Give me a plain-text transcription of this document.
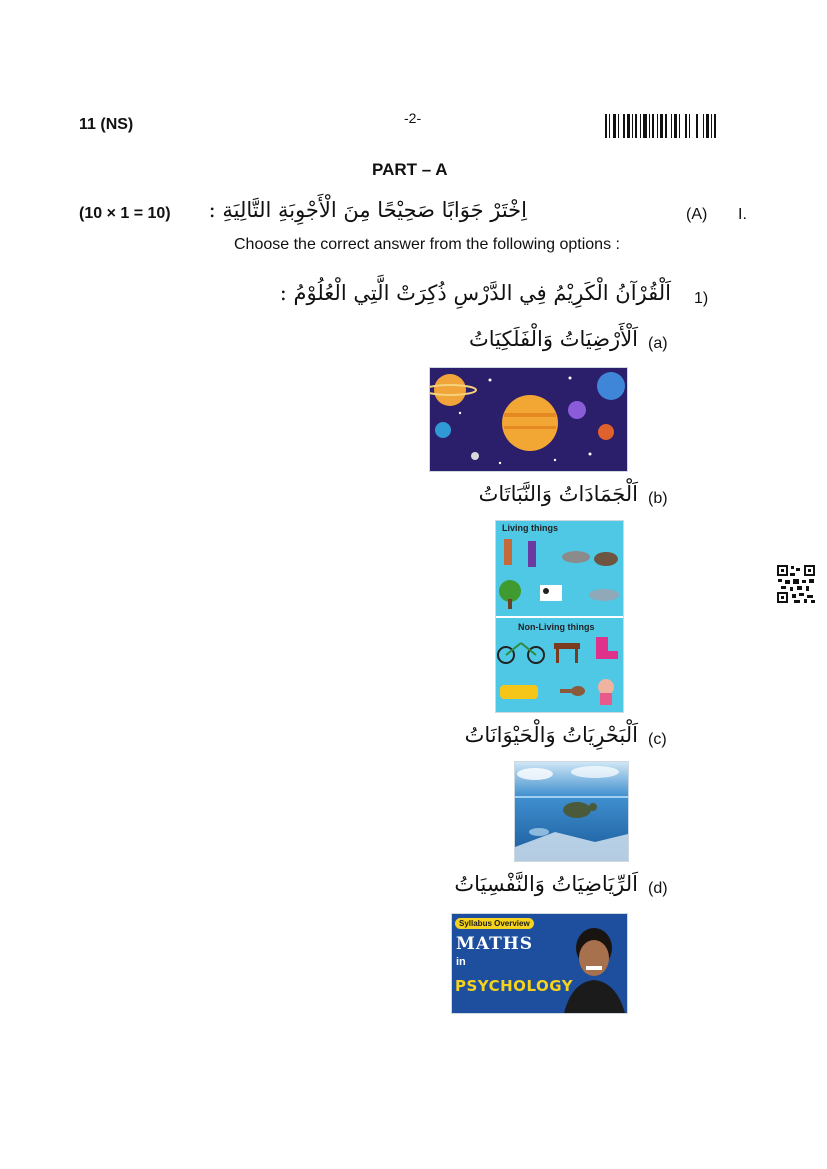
11 (NS)	-2-
PART – A
(10 × 1 = 10) اِخْتَرْ جَوَابًا صَحِيْحًا مِنَ الْأَجْوِبَةِ التَّالِيَةِ :	(A) I.
Choose the correct answer from the following options :
1)
اَلْقُرْآنُ الْكَرِيْمُ فِي الدَّرْسِ ذُكِرَتْ الَّتِي الْعُلُوْمُ :
(a)
اَلْأَرْضِيَاتُ وَالْفَلَكِيَاتُ
(b)
اَلْجَمَادَاتُ وَالنَّبَاتَاتُ
Living things
Non-Living things
(c)
اَلْبَحْرِيَاتُ وَالْحَيْوَانَاتُ
(d)
اَلرِّيَاضِيَاتُ وَالنَّفْسِيَاتُ
Syllabus Overview
MATHS
in
PSYCHOLOGY
